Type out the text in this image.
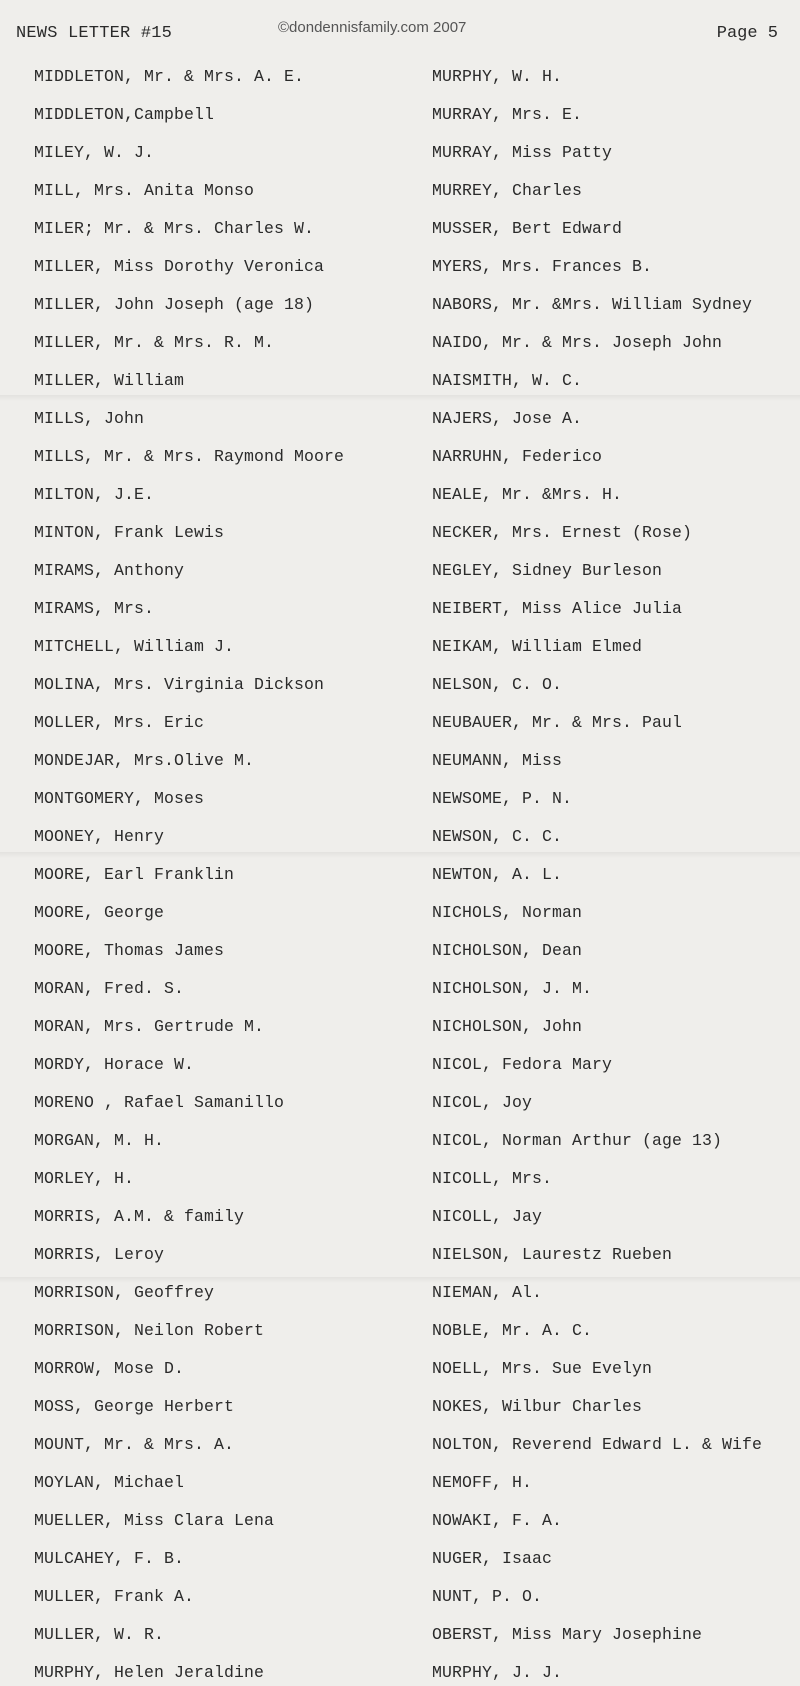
NEWS LETTER #15	©dondennisfamily.com 2007	Page 5
MIDDLETON, Mr. & Mrs. A. E.
MIDDLETON,Campbell
MILEY, W. J.
MILL, Mrs. Anita Monso
MILER; Mr. & Mrs. Charles W.
MILLER, Miss Dorothy Veronica
MILLER, John Joseph (age 18)
MILLER, Mr. & Mrs. R. M.
MILLER, William
MILLS, John
MILLS, Mr. & Mrs. Raymond Moore
MILTON, J.E.
MINTON, Frank Lewis
MIRAMS, Anthony
MIRAMS, Mrs.
MITCHELL, William J.
MOLINA, Mrs. Virginia Dickson
MOLLER, Mrs. Eric
MONDEJAR, Mrs.Olive M.
MONTGOMERY, Moses
MOONEY, Henry
MOORE, Earl Franklin
MOORE, George
MOORE, Thomas James
MORAN, Fred. S.
MORAN, Mrs. Gertrude M.
MORDY, Horace W.
MORENO , Rafael Samanillo
MORGAN, M. H.
MORLEY, H.
MORRIS, A.M. & family
MORRIS, Leroy
MORRISON, Geoffrey
MORRISON, Neilon Robert
MORROW, Mose D.
MOSS, George Herbert
MOUNT, Mr. & Mrs. A.
MOYLAN, Michael
MUELLER, Miss Clara Lena
MULCAHEY, F. B.
MULLER, Frank A.
MULLER, W. R.
MURPHY, Helen Jeraldine
MURPHY, W. H.
MURRAY, Mrs. E.
MURRAY, Miss Patty
MURREY, Charles
MUSSER, Bert Edward
MYERS, Mrs. Frances B.
NABORS, Mr. &Mrs. William Sydney
NAIDO, Mr. & Mrs. Joseph John
NAISMITH, W. C.
NAJERS, Jose A.
NARRUHN, Federico
NEALE, Mr. &Mrs. H.
NECKER, Mrs. Ernest (Rose)
NEGLEY, Sidney Burleson
NEIBERT, Miss Alice Julia
NEIKAM, William Elmed
NELSON, C. O.
NEUBAUER, Mr. & Mrs. Paul
NEUMANN, Miss
NEWSOME, P. N.
NEWSON, C. C.
NEWTON, A. L.
NICHOLS, Norman
NICHOLSON, Dean
NICHOLSON, J. M.
NICHOLSON, John
NICOL, Fedora Mary
NICOL, Joy
NICOL, Norman Arthur (age 13)
NICOLL, Mrs.
NICOLL, Jay
NIELSON, Laurestz Rueben
NIEMAN, Al.
NOBLE, Mr. A. C.
NOELL, Mrs. Sue Evelyn
NOKES, Wilbur Charles
NOLTON, Reverend Edward L. & Wife
NEMOFF, H.
NOWAKI, F. A.
NUGER, Isaac
NUNT, P. O.
OBERST, Miss Mary Josephine
MURPHY, J. J.
